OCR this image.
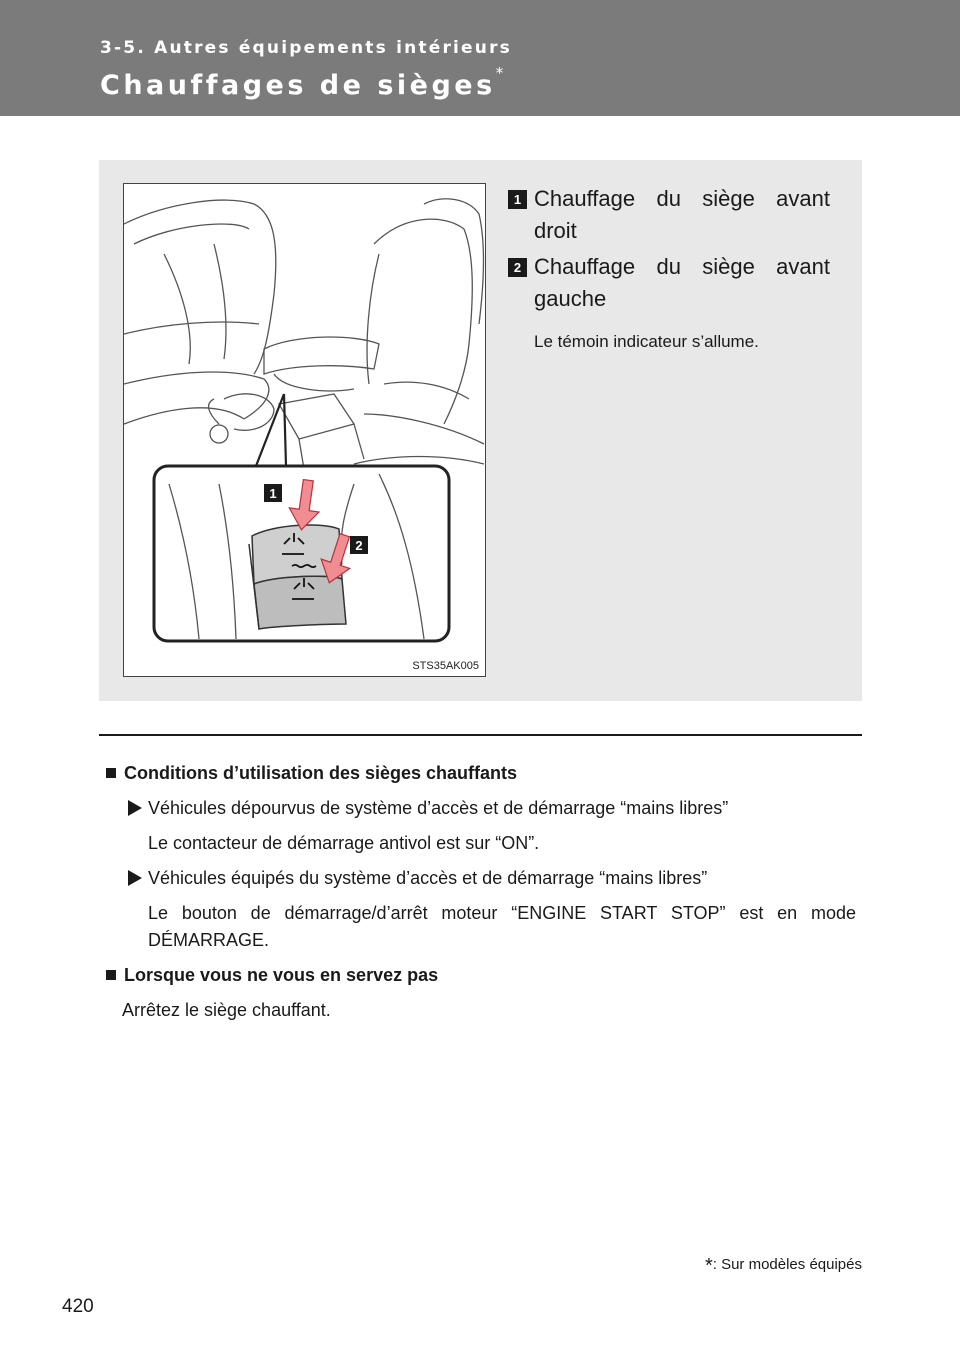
3-5. Autres équipements intérieurs
Chauffages de sièges*
1
2
STS35AK005
1 Chauffage du siège avant
droit
2 Chauffage du siège avant
gauche
Le témoin indicateur s’allume.
Conditions d’utilisation des sièges chauffants
Véhicules dépourvus de système d’accès et de démarrage “mains libres”
Le contacteur de démarrage antivol est sur “ON”.
Véhicules équipés du système d’accès et de démarrage “mains libres”
Le bouton de démarrage/d’arrêt moteur “ENGINE START STOP” est en mode DÉMARRAGE.
Lorsque vous ne vous en servez pas
Arrêtez le siège chauffant.
*: Sur modèles équipés
420
